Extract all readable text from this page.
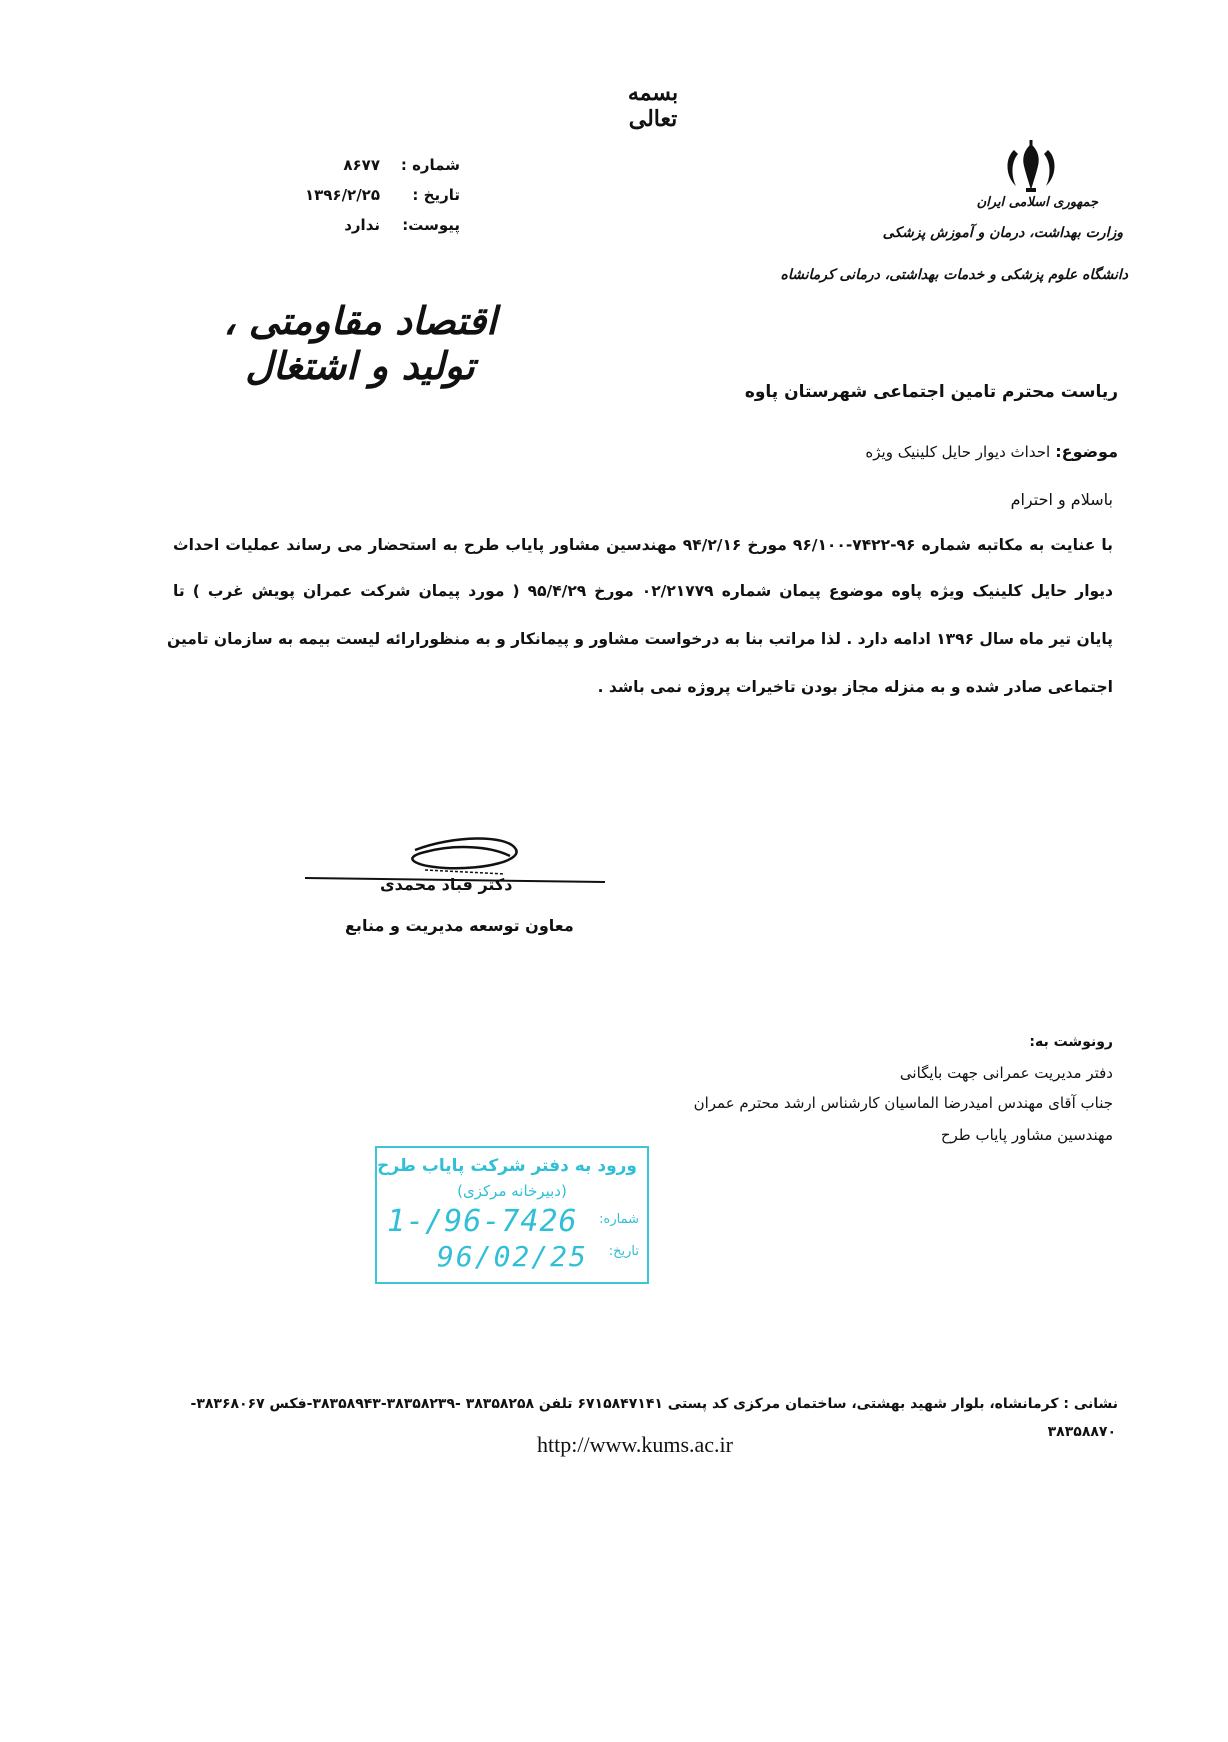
بسمه تعالی
جمهوری اسلامی ایران
وزارت بهداشت، درمان و آموزش پزشکی
دانشگاه علوم پزشکی و خدمات بهداشتی، درمانی کرمانشاه
شماره :
۸۶۷۷
تاریخ :
۱۳۹۶/۲/۲۵
پیوست:
ندارد
اقتصاد مقاومتی ، تولید و اشتغال
ریاست محترم تامین اجتماعی شهرستان پاوه
موضوع: احداث دیوار حایل کلینیک ویژه
باسلام و احترام
با عنایت به مکاتبه شماره ۹۶-۷۴۲۲-۹۶/۱۰۰ مورخ ۹۴/۲/۱۶ مهندسین مشاور پایاب طرح به استحضار می رساند عملیات احداث
دیوار حایل کلینیک ویژه پاوه موضوع پیمان شماره ۰۲/۲۱۷۷۹ مورخ ۹۵/۴/۲۹ ( مورد پیمان شرکت عمران پویش غرب ) تا
پایان تیر ماه سال ۱۳۹۶ ادامه دارد . لذا مراتب بنا به درخواست مشاور و پیمانکار و به منظورارائه لیست بیمه به سازمان تامین
اجتماعی صادر شده و به منزله مجاز بودن تاخیرات پروژه نمی باشد .
دکتر قباد محمدی
معاون توسعه مدیریت و منابع
رونوشت به:
دفتر مدیریت عمرانی جهت بایگانی
جناب آقای مهندس امیدرضا الماسیان کارشناس ارشد محترم عمران
مهندسین مشاور پایاب طرح
ورود به دفتر شرکت پایاب طرح
(دبیرخانه مرکزی)
شماره:
تاریخ:
1-/96-7426
96/02/25
نشانی : کرمانشاه، بلوار شهید بهشتی، ساختمان مرکزی کد پستی ۶۷۱۵۸۴۷۱۴۱ تلفن ۳۸۳۵۸۲۵۸ -۳۸۳۵۸۲۳۹-۳۸۳۵۸۹۴۳-فکس ۳۸۳۶۸۰۶۷-
۳۸۳۵۸۸۷۰
http://www.kums.ac.ir
